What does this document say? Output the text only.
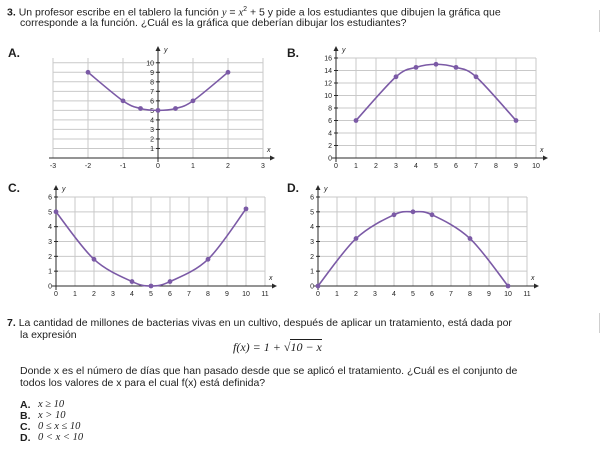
3. Un profesor escribe en el tablero la función $y = x^2 + 5$ y pide a los estudiantes que dibujen la gráfica que
corresponde a la función. ¿Cuál es la gráfica que deberían dibujar los estudiantes?
A.	B.
C.	D.
-3	-2	-1	0	1	2	3
y
x
1
2
3
4
5
6
7
8
9
10
0 1 2 3 4 5 6 7 8 9 10
y
x
0
2
4
6
8
10
12
14
16
0 1 2 3 4 5 6 7 8 9 10 11
y
x
0
1
2
3
4
5
6
0 1 2 3 4 5 6 7 8 9 10 11
y
x
0
1
2
3
4
5
6
7. La cantidad de millones de bacterias vivas en un cultivo, después de aplicar un tratamiento, está dada por
la expresión
f(x) = 1 + √10 − x
Donde x es el número de días que han pasado desde que se aplicó el tratamiento. ¿Cuál es el conjunto de
todos los valores de x para el cual f(x) está definida?
A. x ≥ 10
B. x > 10
C. 0 ≤ x ≤ 10
D. 0 < x < 10
